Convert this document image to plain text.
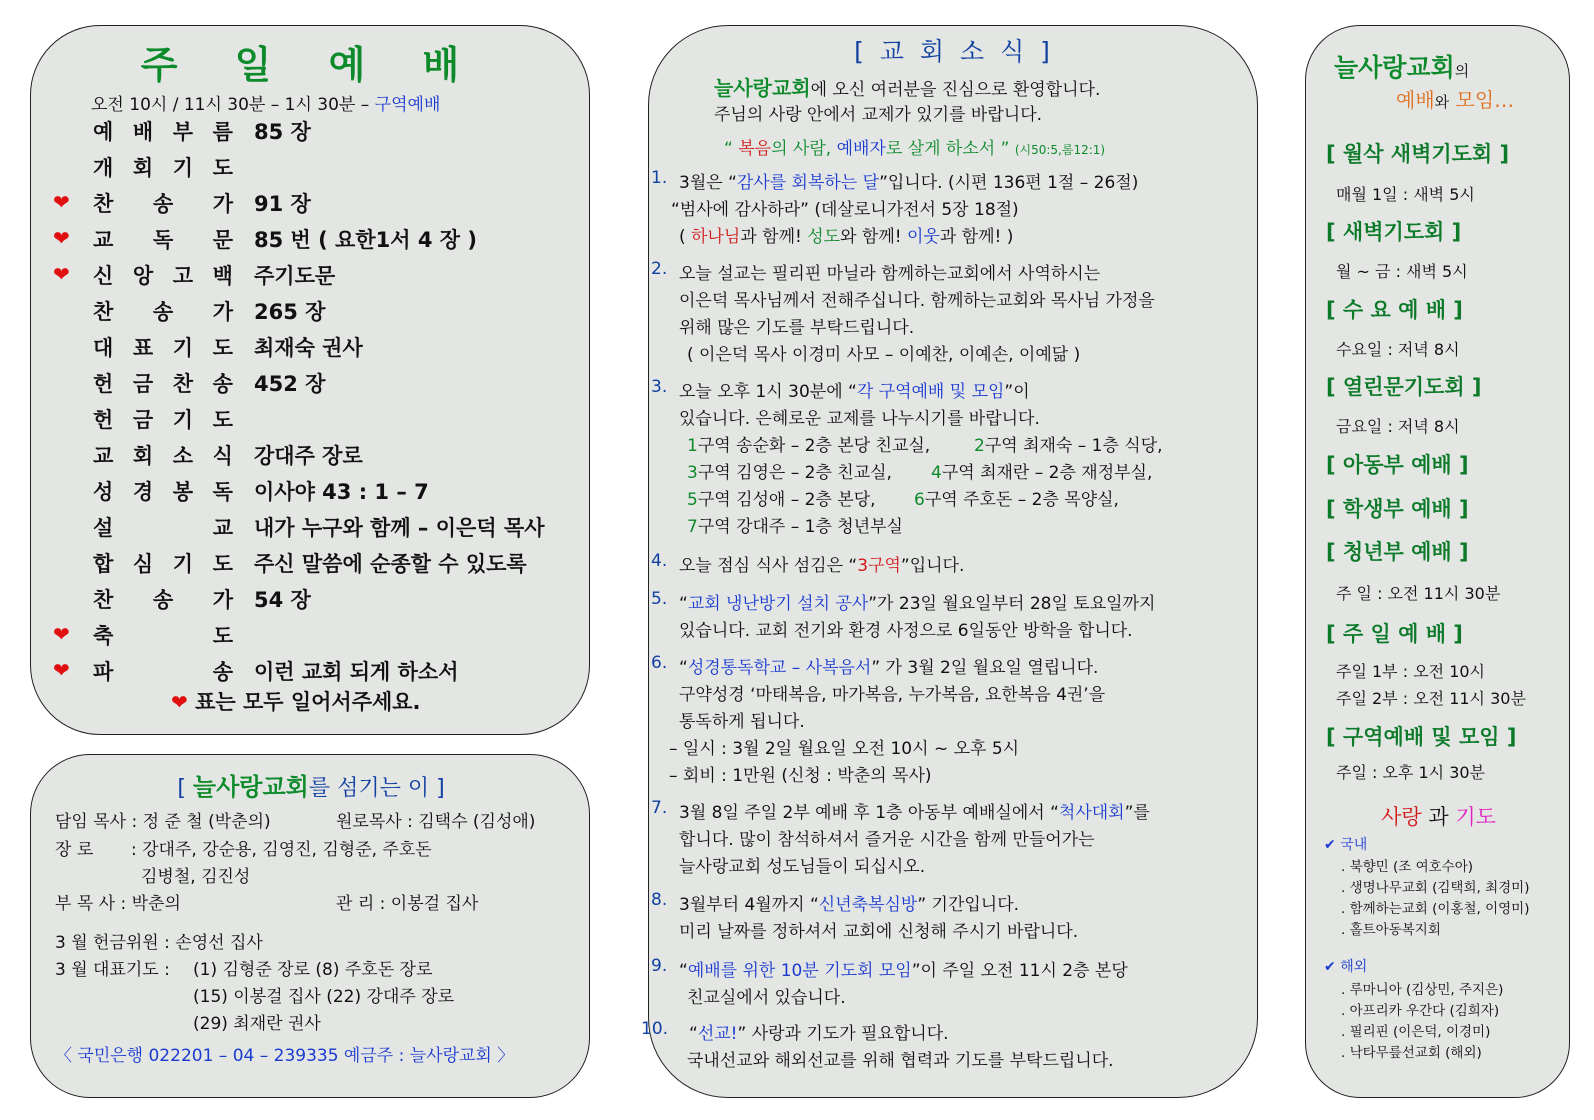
주 일 예 배
오전 10시 / 11시 30분 – 1시 30분 – 구역예배
예 배 부 름 85 장
개 회 기 도
❤ 찬 송 가 91 장
❤ 교 독 문 85 번 ( 요한1서 4 장 )
❤ 신 앙 고 백 주기도문
찬 송 가 265 장
대 표 기 도 최재숙 권사
헌 금 찬 송 452 장
헌 금 기 도
교 회 소 식 강대주 장로
성 경 봉 독 이사야 43 : 1 – 7
설	교 내가 누구와 함께 – 이은덕 목사
합 심 기 도 주신 말씀에 순종할 수 있도록
찬 송 가 54 장
❤ 축	도
❤ 파	송 이런 교회 되게 하소서
❤ 표는 모두 일어서주세요.
[ 늘사랑교회를 섬기는 이 ]
담임 목사 : 정 준 철 (박춘의)	원로목사 : 김택수 (김성애)
장 로 : 강대주, 강순용, 김영진, 김형준, 주호돈
김병철, 김진성
부 목 사 : 박춘의	관 리 : 이봉걸 집사
3 월 헌금위원 : 손영선 집사
3 월 대표기도 : (1) 김형준 장로 (8) 주호돈 장로
(15) 이봉걸 집사 (22) 강대주 장로
(29) 최재란 권사
〈 국민은행 022201 – 04 – 239335 예금주 : 늘사랑교회 〉
[ 교 회 소 식 ]
늘사랑교회에 오신 여러분을 진심으로 환영합니다.
주님의 사랑 안에서 교제가 있기를 바랍니다.
“ 복음의 사람, 예배자로 살게 하소서 ” (시50:5,롬12:1)
1.
2.
3.
4.
5.
6.
7.
8.
9.
10.
3월은 “감사를 회복하는 달”입니다. (시편 136편 1절 – 26절)
“범사에 감사하라” (데살로니가전서 5장 18절)
( 하나님과 함께! 성도와 함께! 이웃과 함께! )
오늘 설교는 필리핀 마닐라 함께하는교회에서 사역하시는
이은덕 목사님께서 전해주십니다. 함께하는교회와 목사님 가정을
위해 많은 기도를 부탁드립니다.
( 이은덕 목사 이경미 사모 – 이예찬, 이예손, 이예닮 )
오늘 오후 1시 30분에 “각 구역예배 및 모임”이
있습니다. 은혜로운 교제를 나누시기를 바랍니다.
1구역 송순화 – 2층 본당 친교실,	2구역 최재숙 – 1층 식당,
3구역 김영은 – 2층 친교실, 4구역 최재란 – 2층 재정부실,
5구역 김성애 – 2층 본당, 6구역 주호돈 – 2층 목양실,
7구역 강대주 – 1층 청년부실
오늘 점심 식사 섬김은 “3구역”입니다.
“교회 냉난방기 설치 공사”가 23일 월요일부터 28일 토요일까지
있습니다. 교회 전기와 환경 사정으로 6일동안 방학을 합니다.
“성경통독학교 – 사복음서” 가 3월 2일 월요일 열립니다.
구약성경 ‘마태복음, 마가복음, 누가복음, 요한복음 4권’을
통독하게 됩니다.
– 일시 : 3월 2일 월요일 오전 10시 ~ 오후 5시
– 회비 : 1만원 (신청 : 박춘의 목사)
3월 8일 주일 2부 예배 후 1층 아동부 예배실에서 “척사대회”를
합니다. 많이 참석하셔서 즐거운 시간을 함께 만들어가는
늘사랑교회 성도님들이 되십시오.
3월부터 4월까지 “신년축복심방” 기간입니다.
미리 날짜를 정하셔서 교회에 신청해 주시기 바랍니다.
“예배를 위한 10분 기도회 모임”이 주일 오전 11시 2층 본당
친교실에서 있습니다.
“선교!” 사랑과 기도가 필요합니다.
국내선교와 해외선교를 위해 협력과 기도를 부탁드립니다.
늘사랑교회의
예배와 모임…
[ 월삭 새벽기도회 ]
매월 1일 : 새벽 5시
[ 새벽기도회 ]
월 ~ 금 : 새벽 5시
[ 수 요 예 배 ]
수요일 : 저녁 8시
[ 열린문기도회 ]
금요일 : 저녁 8시
[ 아동부 예배 ]
[ 학생부 예배 ]
[ 청년부 예배 ]
주 일 : 오전 11시 30분
[ 주 일 예 배 ]
주일 1부 : 오전 10시
주일 2부 : 오전 11시 30분
[ 구역예배 및 모임 ]
주일 : 오후 1시 30분
사랑 과 기도
✔ 국내
. 북향민 (조 여호수아)
. 생명나무교회 (김택희, 최경미)
. 함께하는교회 (이홍철, 이영미)
. 홀트아동복지회
✔ 해외
. 루마니아 (김상민, 주지은)
. 아프리카 우간다 (김희자)
. 필리핀 (이은덕, 이경미)
. 낙타무릎선교회 (해외)
